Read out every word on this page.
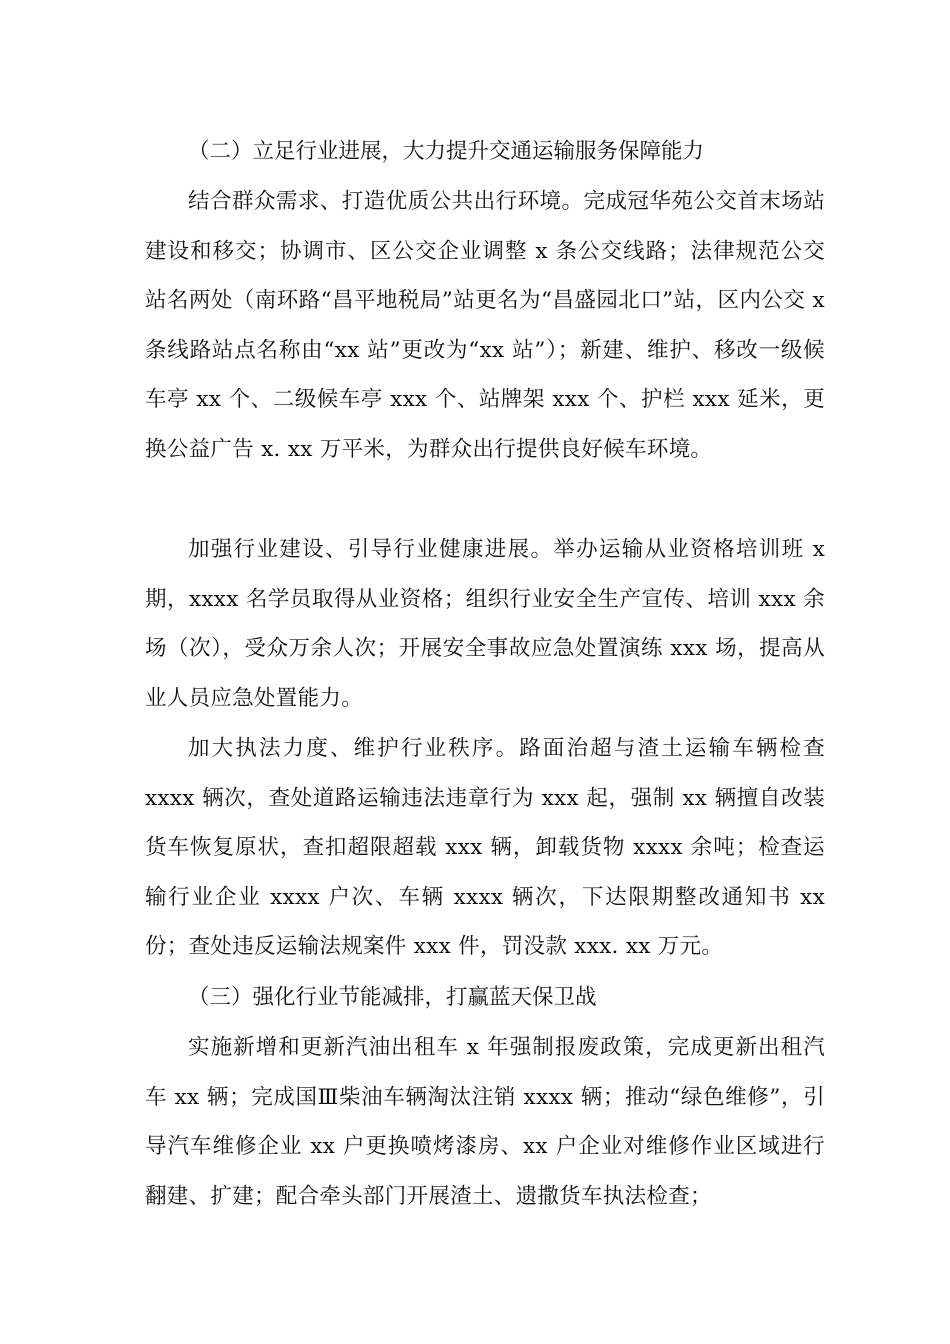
（二）立足行业进展，大力提升交通运输服务保障能力

结合群众需求、打造优质公共出行环境。完成冠华苑公交首末场站建设和移交；协调市、区公交企业调整 x 条公交线路；法律规范公交站名两处（南环路“昌平地税局”站更名为“昌盛园北口”站，区内公交 x 条线路站点名称由“xx 站”更改为“xx 站”）；新建、维护、移改一级候车亭 xx 个、二级候车亭 xxx 个、站牌架 xxx 个、护栏 xxx 延米，更换公益广告 x. xx 万平米，为群众出行提供良好候车环境。

加强行业建设、引导行业健康进展。举办运输从业资格培训班 x 期，xxxx 名学员取得从业资格；组织行业安全生产宣传、培训 xxx 余场（次），受众万余人次；开展安全事故应急处置演练 xxx 场，提高从业人员应急处置能力。

加大执法力度、维护行业秩序。路面治超与渣土运输车辆检查 xxxx 辆次，查处道路运输违法违章行为 xxx 起，强制 xx 辆擅自改装货车恢复原状，查扣超限超载 xxx 辆，卸载货物 xxxx 余吨；检查运输行业企业 xxxx 户次、车辆 xxxx 辆次，下达限期整改通知书 xx 份；查处违反运输法规案件 xxx 件，罚没款 xxx. xx 万元。

（三）强化行业节能减排，打赢蓝天保卫战

实施新增和更新汽油出租车 x 年强制报废政策，完成更新出租汽车 xx 辆；完成国Ⅲ柴油车辆淘汰注销 xxxx 辆；推动“绿色维修”，引导汽车维修企业 xx 户更换喷烤漆房、xx 户企业对维修作业区域进行翻建、扩建；配合牵头部门开展渣土、遗撒货车执法检查；
